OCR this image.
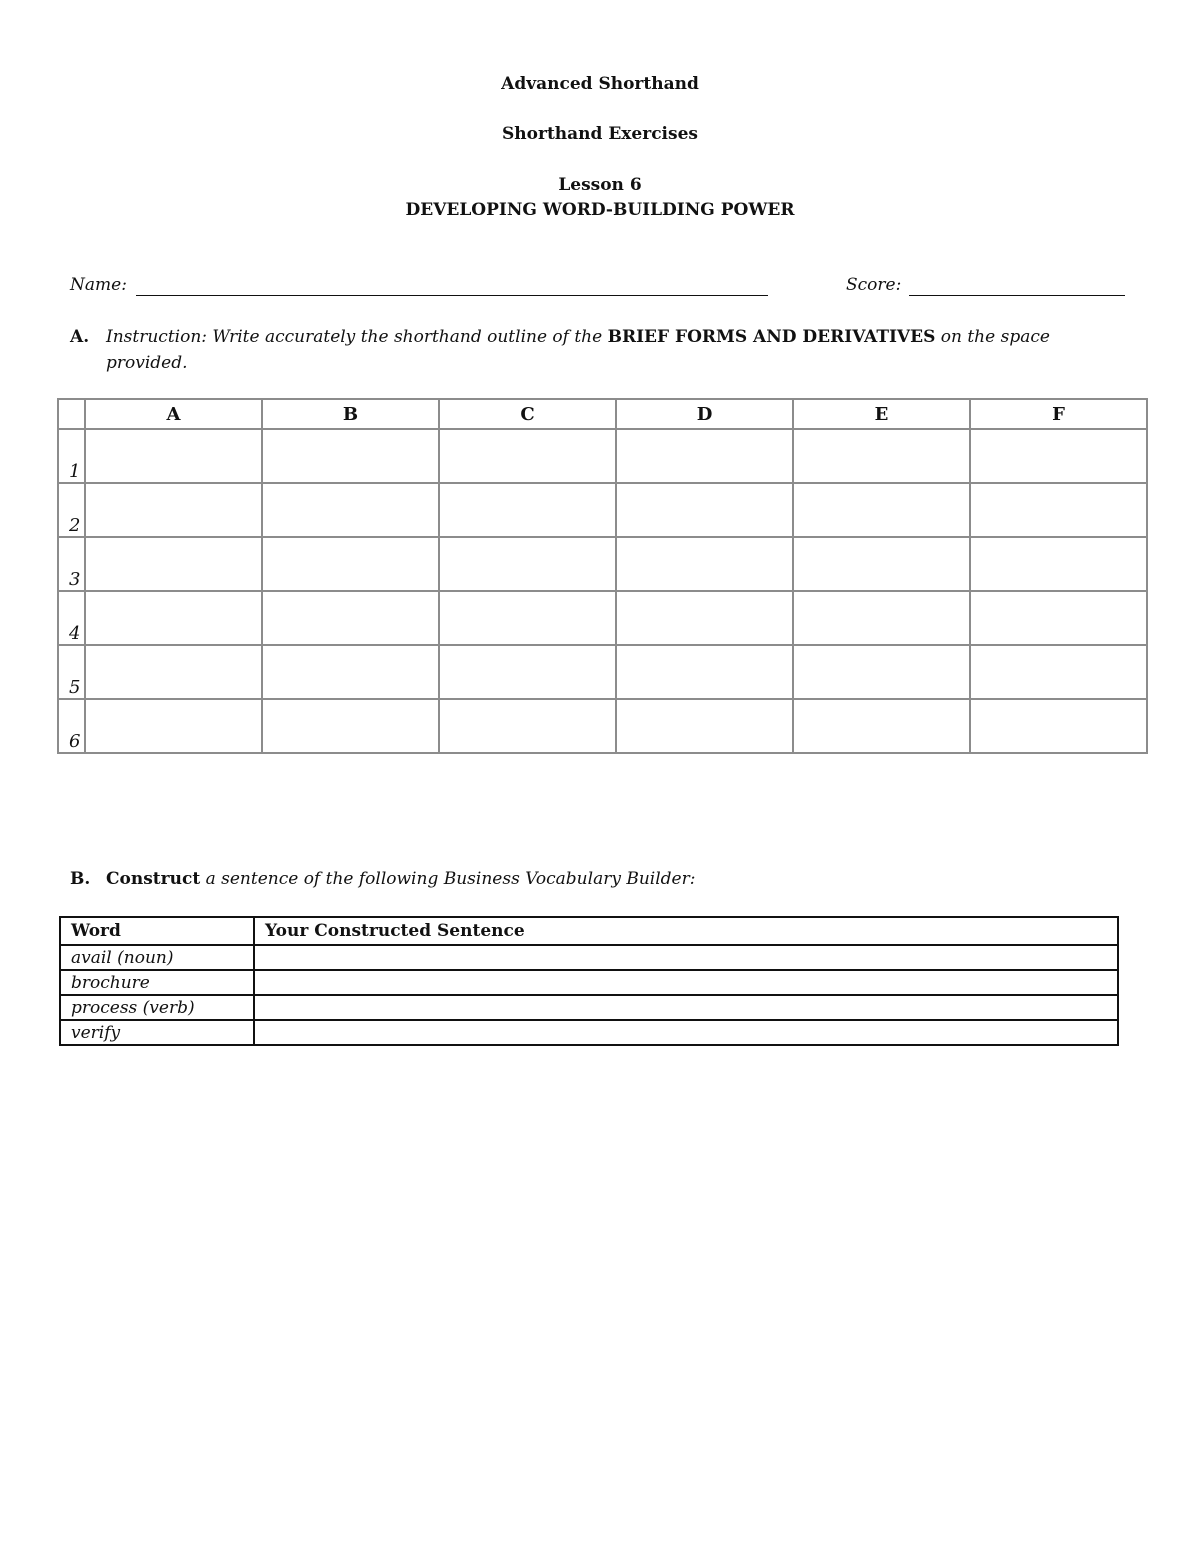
Advanced Shorthand
Shorthand Exercises
Lesson 6
DEVELOPING WORD-BUILDING POWER
Name:	Score:
A. Instruction: Write accurately the shorthand outline of the BRIEF FORMS AND DERIVATIVES on the space
provided.
	A	B	C	D	E	F
1						
2						
3						
4						
5						
6						
B. Construct a sentence of the following Business Vocabulary Builder:
Word	Your Constructed Sentence
avail (noun)	
brochure	
process (verb)	
verify	
